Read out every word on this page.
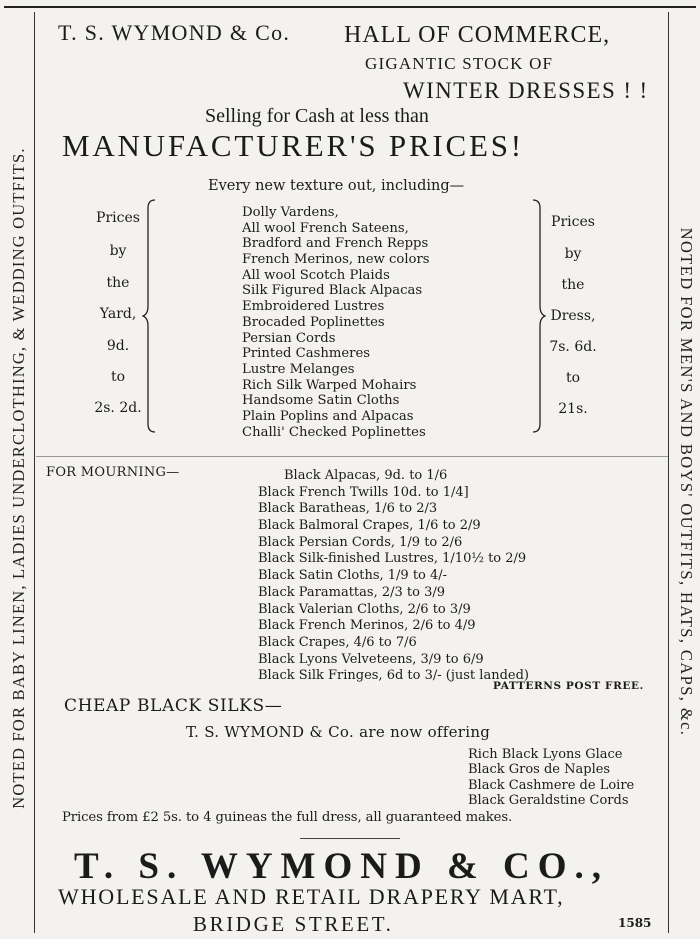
NOTED FOR BABY LINEN, LADIES UNDERCLOTHING, & WEDDING OUTFITS.	NOTED FOR MEN'S AND BOYS' OUTFITS, HATS, CAPS, &c.
T. S. WYMOND & Co. HALL OF COMMERCE,
GIGANTIC STOCK OF
WINTER DRESSES ! !
Selling for Cash at less than
MANUFACTURER'S PRICES!
Every new texture out, including—
Prices
by
the
Yard,
9d.
to
2s. 2d.
Dolly Vardens,
All wool French Sateens,
Bradford and French Repps
French Merinos, new colors
All wool Scotch Plaids
Silk Figured Black Alpacas
Embroidered Lustres
Brocaded Poplinettes
Persian Cords
Printed Cashmeres
Lustre Melanges
Rich Silk Warped Mohairs
Handsome Satin Cloths
Plain Poplins and Alpacas
Challi' Checked Poplinettes
Prices
by
the
Dress,
7s. 6d.
to
21s.
FOR MOURNING—	Black Alpacas, 9d. to 1/6
Black French Twills 10d. to 1/4]
Black Baratheas, 1/6 to 2/3
Black Balmoral Crapes, 1/6 to 2/9
Black Persian Cords, 1/9 to 2/6
Black Silk-finished Lustres, 1/10½ to 2/9
Black Satin Cloths, 1/9 to 4/-
Black Paramattas, 2/3 to 3/9
Black Valerian Cloths, 2/6 to 3/9
Black French Merinos, 2/6 to 4/9
Black Crapes, 4/6 to 7/6
Black Lyons Velveteens, 3/9 to 6/9
Black Silk Fringes, 6d to 3/- (just landed)
PATTERNS POST FREE.
CHEAP BLACK SILKS—
T. S. WYMOND & Co. are now offering
Rich Black Lyons Glace
Black Gros de Naples
Black Cashmere de Loire
Black Geraldstine Cords
Prices from £2 5s. to 4 guineas the full dress, all guaranteed makes.
T. S. WYMOND & CO.,
WHOLESALE AND RETAIL DRAPERY MART,
BRIDGE STREET.	1585
